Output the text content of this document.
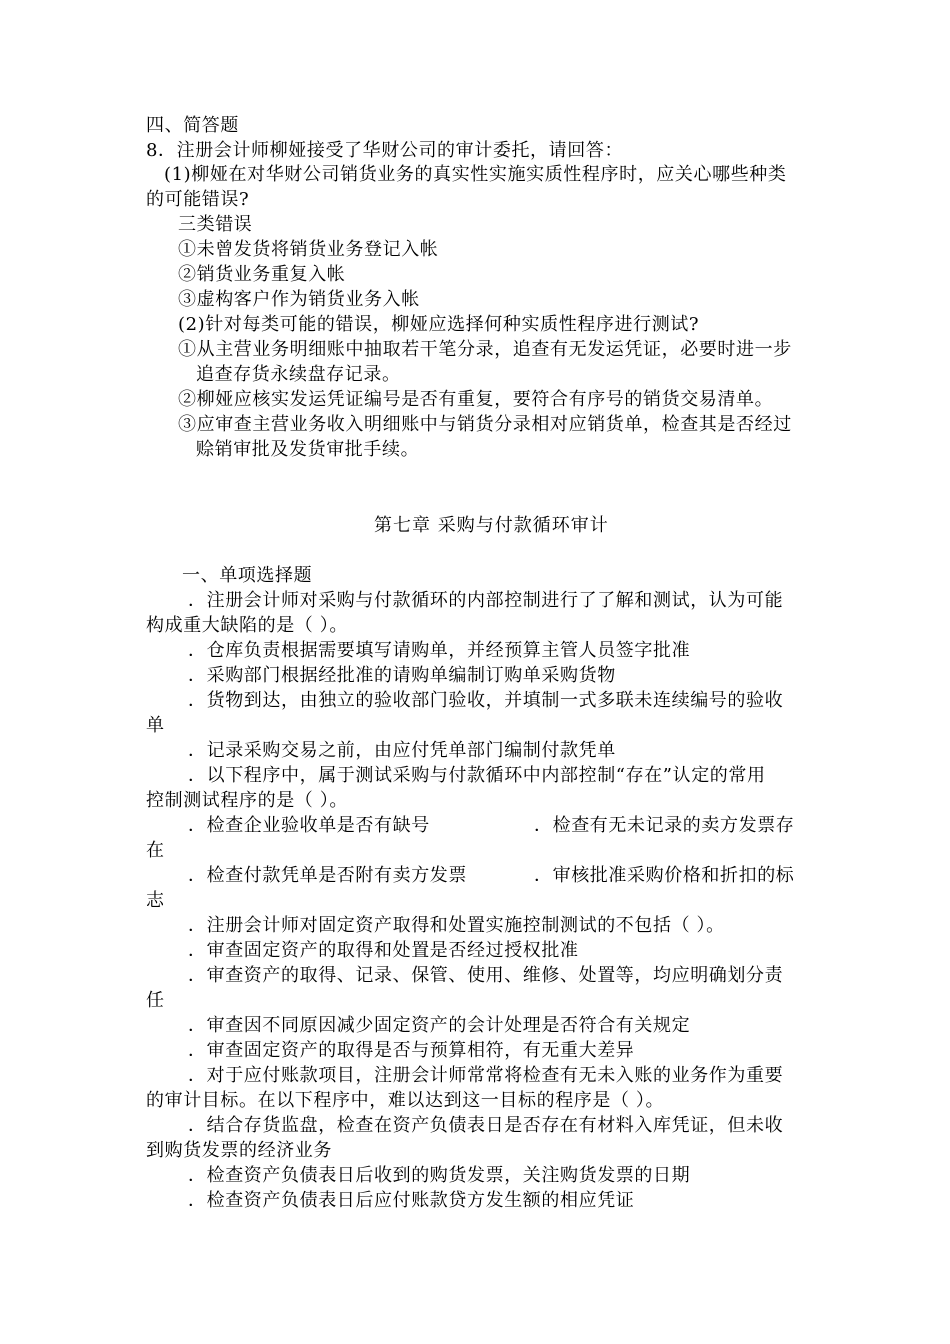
四、简答题
8．注册会计师柳娅接受了华财公司的审计委托，请回答：
(1)柳娅在对华财公司销货业务的真实性实施实质性程序时，应关心哪些种类
的可能错误?
三类错误
①未曾发货将销货业务登记入帐
②销货业务重复入帐
③虚构客户作为销货业务入帐
(2)针对每类可能的错误，柳娅应选择何种实质性程序进行测试?
①从主营业务明细账中抽取若干笔分录，追查有无发运凭证，必要时进一步
追查存货永续盘存记录。
②柳娅应核实发运凭证编号是否有重复，要符合有序号的销货交易清单。
③应审查主营业务收入明细账中与销货分录相对应销货单，检查其是否经过
赊销审批及发货审批手续。
第七章 采购与付款循环审计
一、单项选择题
．注册会计师对采购与付款循环的内部控制进行了了解和测试，认为可能
构成重大缺陷的是（ ）。
．仓库负责根据需要填写请购单，并经预算主管人员签字批准
．采购部门根据经批准的请购单编制订购单采购货物
．货物到达，由独立的验收部门验收，并填制一式多联未连续编号的验收
单
．记录采购交易之前，由应付凭单部门编制付款凭单
．以下程序中，属于测试采购与付款循环中内部控制“存在”认定的常用
控制测试程序的是（ ）。
．检查企业验收单是否有缺号	．检查有无未记录的卖方发票存
在
．检查付款凭单是否附有卖方发票	．审核批准采购价格和折扣的标
志
．注册会计师对固定资产取得和处置实施控制测试的不包括（ ）。
．审查固定资产的取得和处置是否经过授权批准
．审查资产的取得、记录、保管、使用、维修、处置等，均应明确划分责
任
．审查因不同原因减少固定资产的会计处理是否符合有关规定
．审查固定资产的取得是否与预算相符，有无重大差异
．对于应付账款项目，注册会计师常常将检查有无未入账的业务作为重要
的审计目标。在以下程序中，难以达到这一目标的程序是（ ）。
．结合存货监盘，检查在资产负债表日是否存在有材料入库凭证，但未收
到购货发票的经济业务
．检查资产负债表日后收到的购货发票，关注购货发票的日期
．检查资产负债表日后应付账款贷方发生额的相应凭证
